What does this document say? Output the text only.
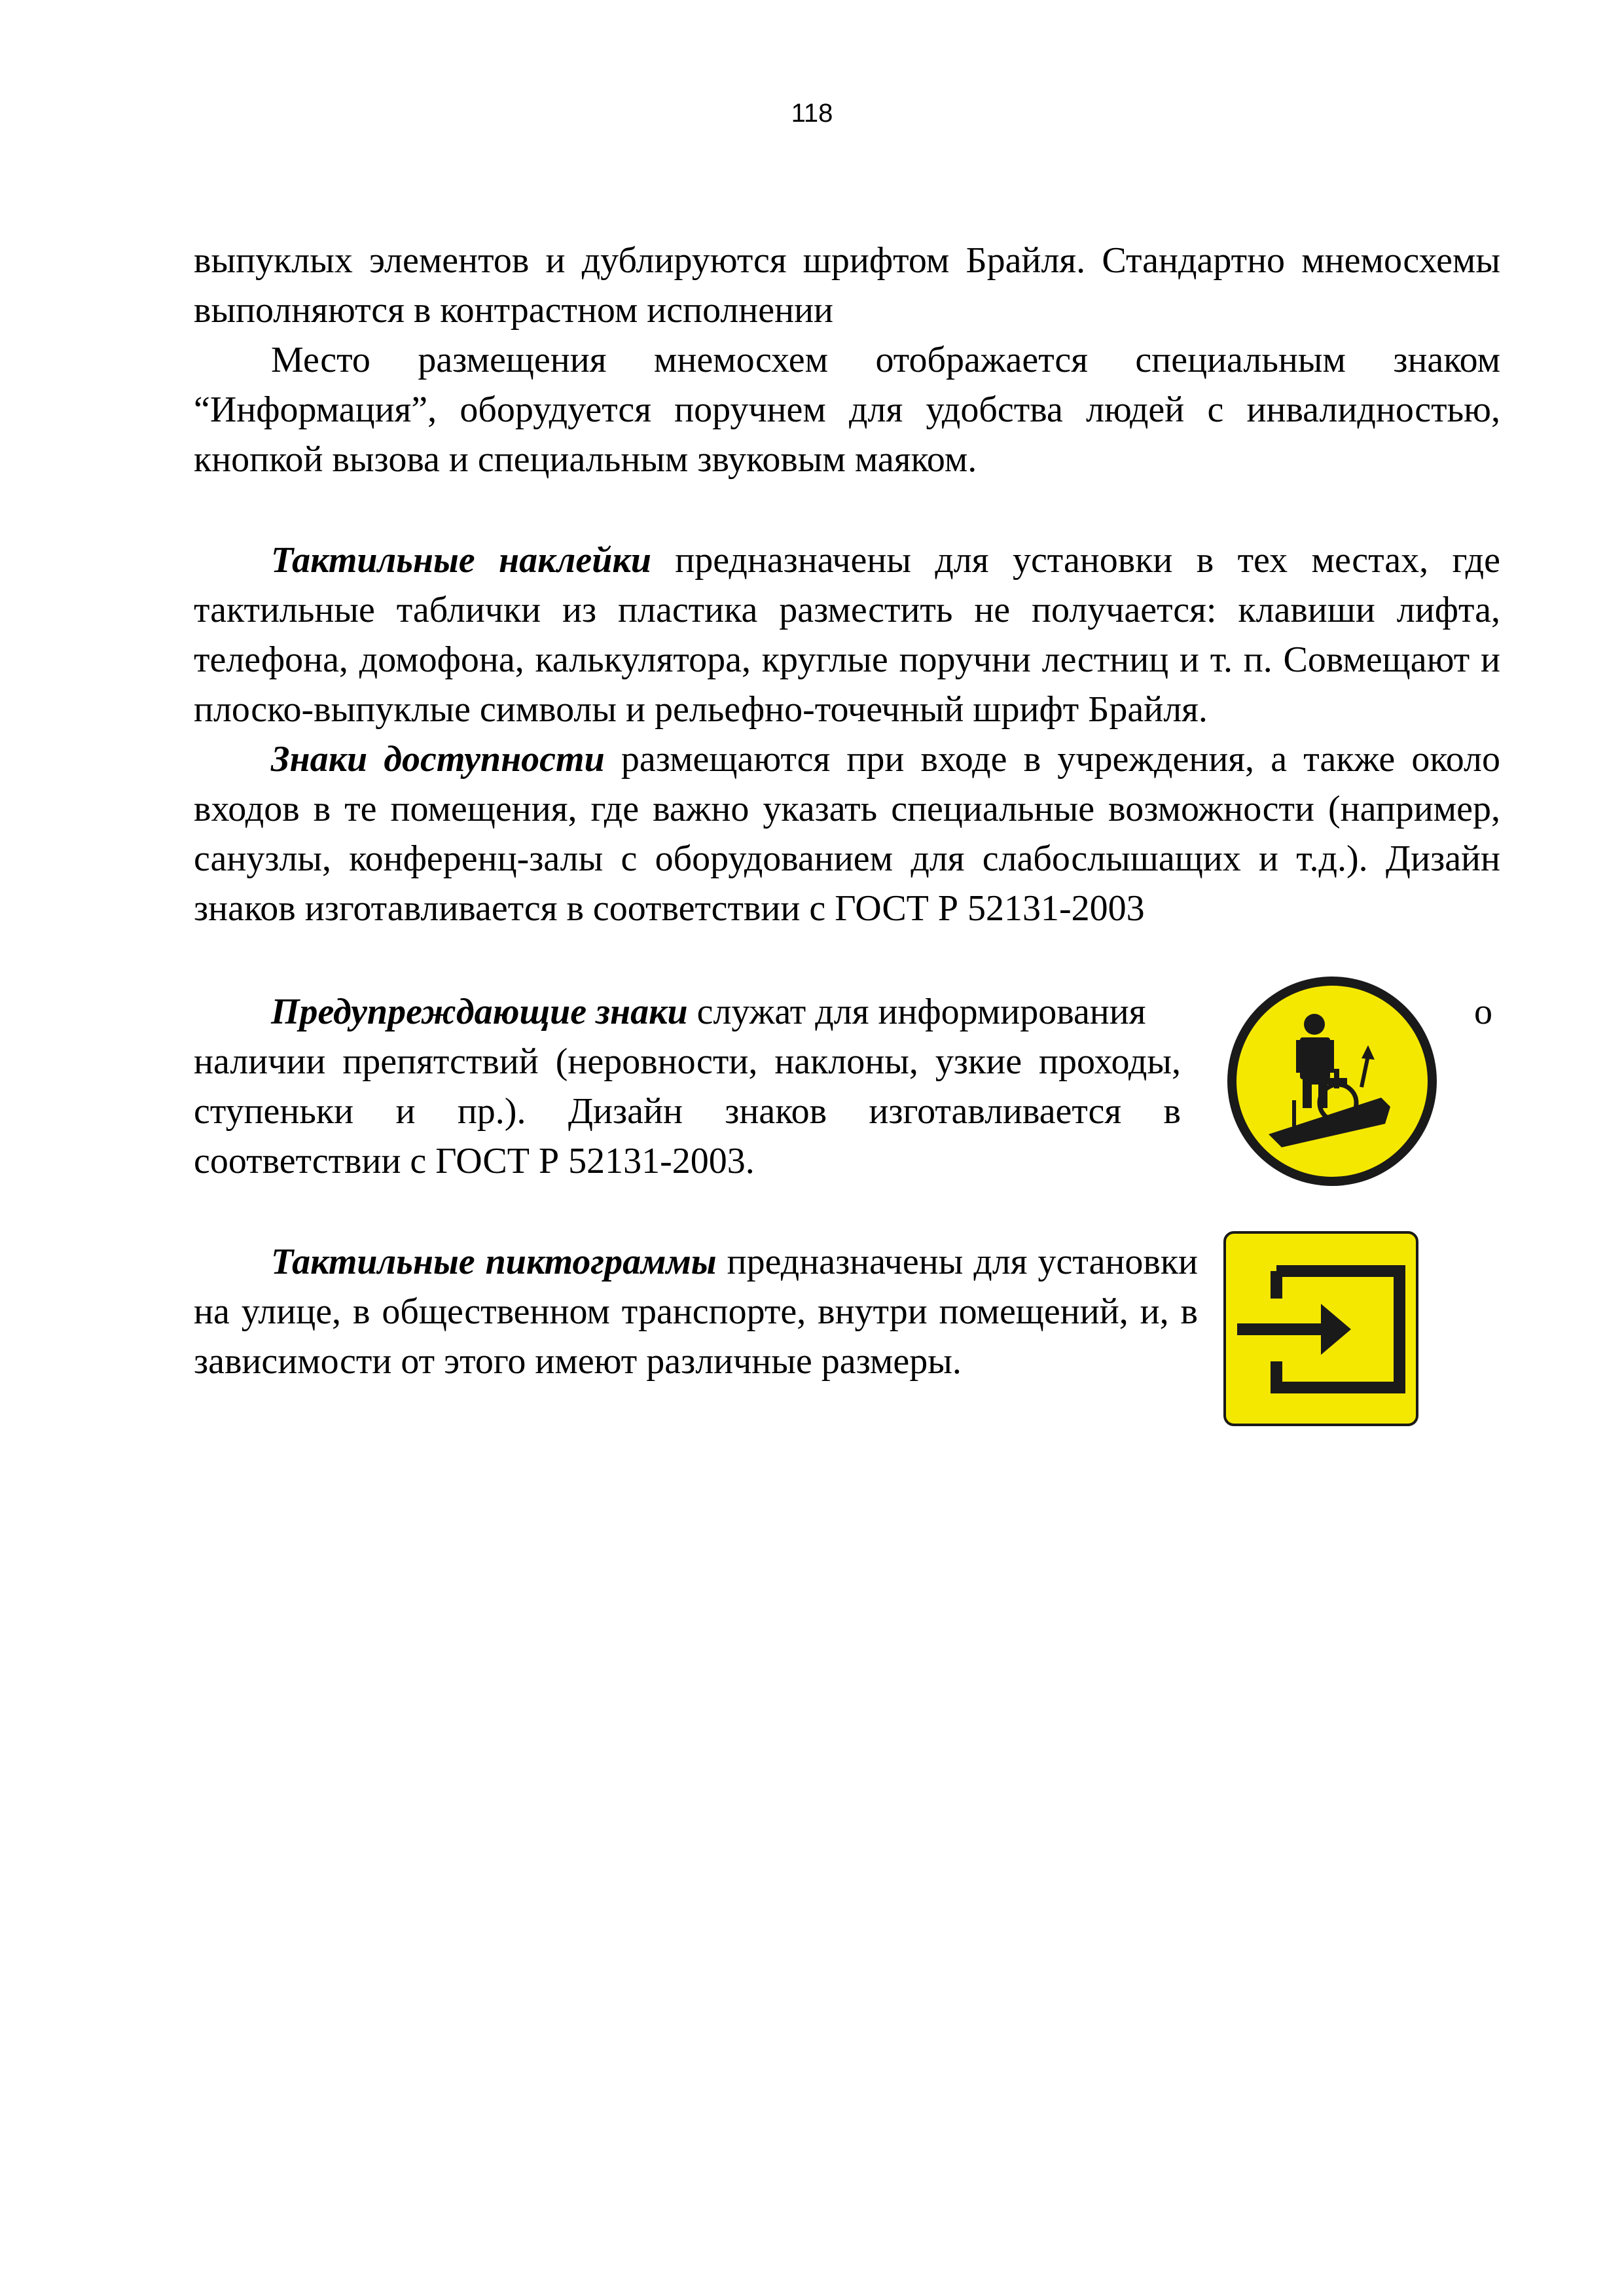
118

выпуклых элементов и дублируются шрифтом Брайля. Стандартно мнемосхемы выполняются в контрастном исполнении

Место размещения мнемосхем отображается специальным знаком “Информация”, оборудуется поручнем для удобства людей с инвалидностью, кнопкой вызова и специальным звуковым маяком.

Тактильные наклейки предназначены для установки в тех местах, где тактильные таблички из пластика разместить не получается: клавиши лифта, телефона, домофона, калькулятора, круглые поручни лестниц и т. п. Совмещают и плоско-выпуклые символы и рельефно-точечный шрифт Брайля.

Знаки доступности размещаются при входе в учреждения, а также около входов в те помещения, где важно указать специальные возможности (например, санузлы, конференц-залы с оборудованием для слабослышащих и т.д.). Дизайн знаков изготавливается в соответствии с ГОСТ Р 52131-2003

Предупреждающие знаки служат для информирования

наличии препятствий (неровности, наклоны, узкие проходы, ступеньки и пр.). Дизайн знаков изготавливается в соответствии с ГОСТ Р 52131-2003.

о

Тактильные пиктограммы предназначены для установки на улице, в общественном транспорте, внутри помещений, и, в зависимости от этого имеют различные размеры.
